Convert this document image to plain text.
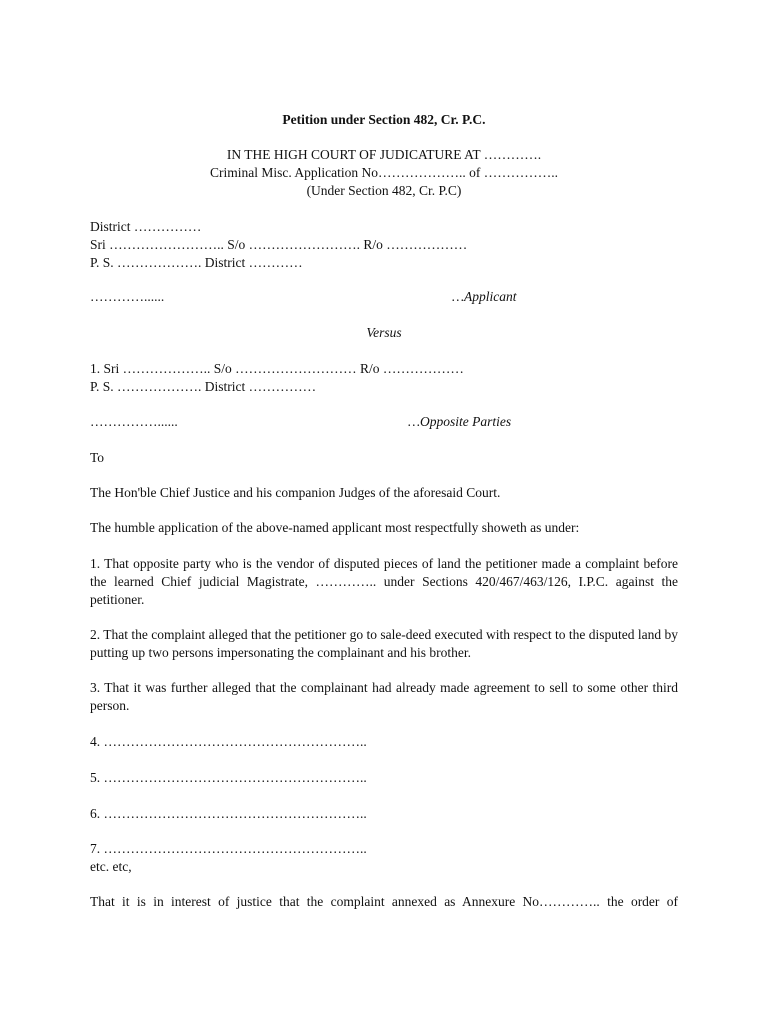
Petition under Section 482, Cr. P.C.

IN THE HIGH COURT OF JUDICATURE AT ………….

Criminal Misc. Application No……………….. of ……………..

(Under Section 482, Cr. P.C)

District ……………

Sri …………………….. S/o ……………………. R/o ………………

P. S. ………………. District …………

…………......	…Applicant

Versus

1. Sri ……………….. S/o ……………………… R/o ………………

P. S. ………………. District ……………

……………......	…Opposite Parties

To

The Hon'ble Chief Justice and his companion Judges of the aforesaid Court.

The humble application of the above-named applicant most respectfully showeth as under:

1. That opposite party who is the vendor of disputed pieces of land the petitioner made a complaint before the learned Chief judicial Magistrate, ………….. under Sections 420/467/463/126, I.P.C. against the petitioner.

2. That the complaint alleged that the petitioner go to sale-deed executed with respect to the disputed land by putting up two persons impersonating the complainant and his brother.

3. That it was further alleged that the complainant had already made agreement to sell to some other third person.

4. …………………………………………………..

5. …………………………………………………..

6. …………………………………………………..

7. …………………………………………………..

etc. etc,

That it is in interest of justice that the complaint annexed as Annexure No………….. the order of
